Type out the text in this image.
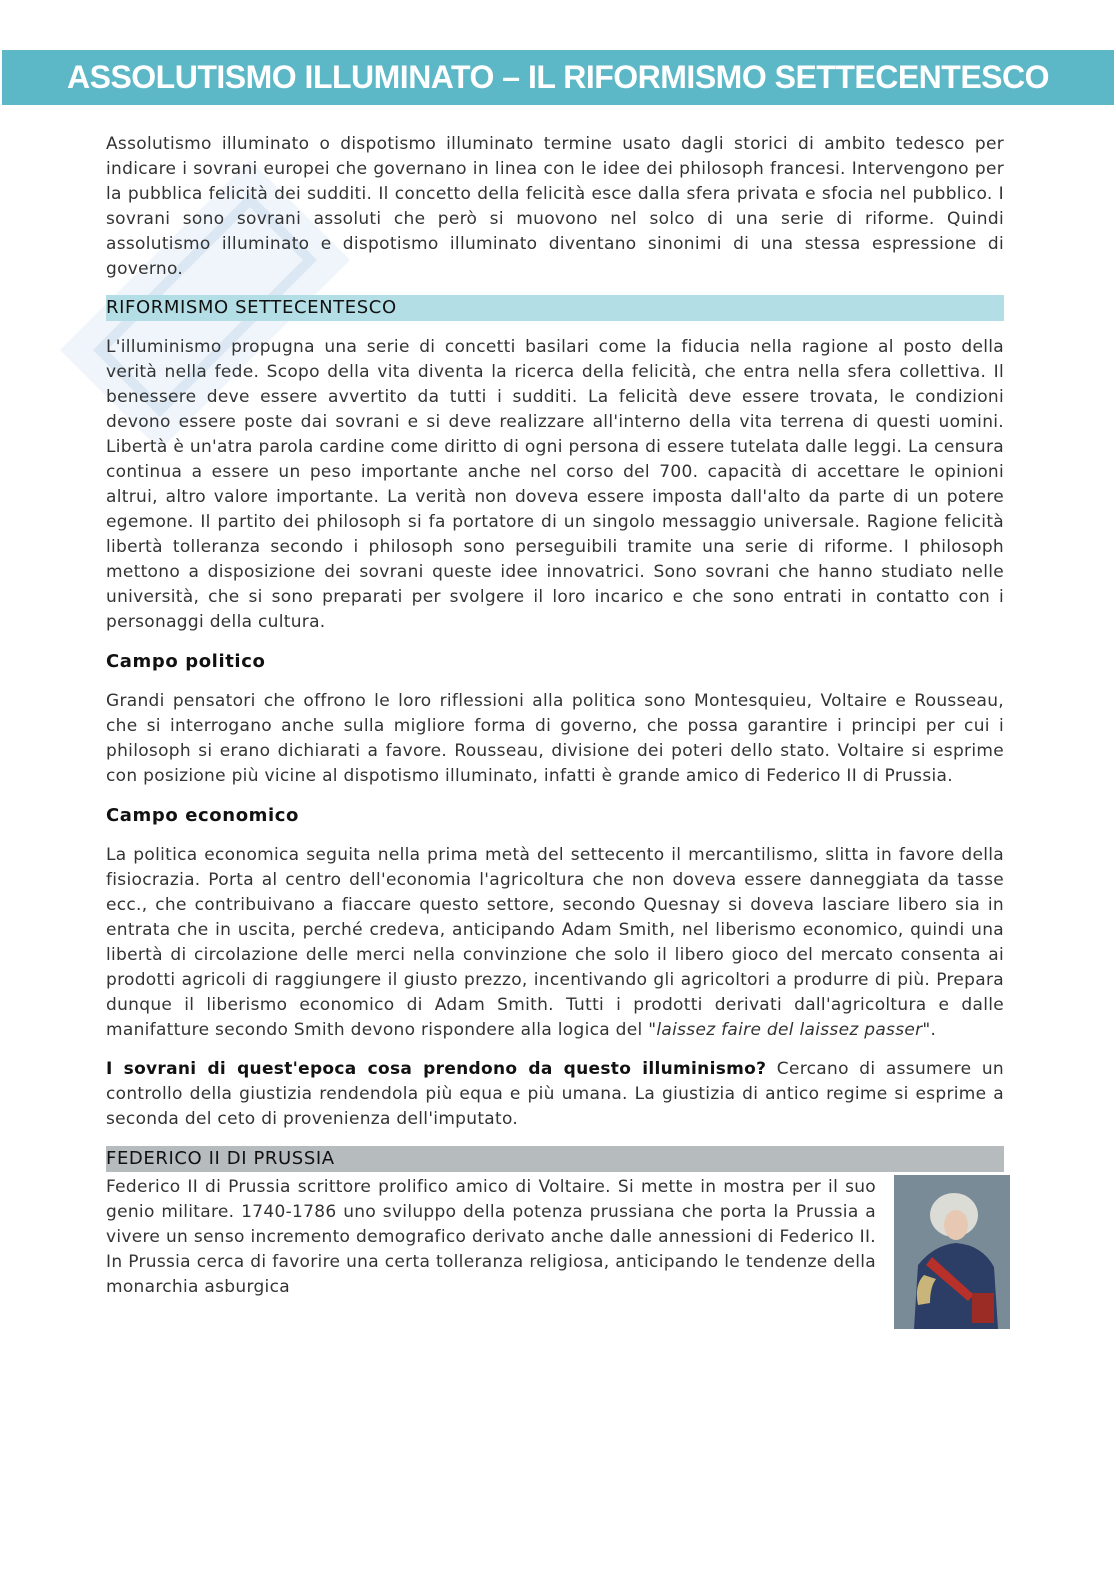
ASSOLUTISMO ILLUMINATO – IL RIFORMISMO SETTECENTESCO

Assolutismo illuminato o dispotismo illuminato termine usato dagli storici di ambito tedesco per indicare i sovrani europei che governano in linea con le idee dei philosoph francesi. Intervengono per la pubblica felicità dei sudditi. Il concetto della felicità esce dalla sfera privata e sfocia nel pubblico. I sovrani sono sovrani assoluti che però si muovono nel solco di una serie di riforme. Quindi assolutismo illuminato e dispotismo illuminato diventano sinonimi di una stessa espressione di governo.

RIFORMISMO SETTECENTESCO

L'illuminismo propugna una serie di concetti basilari come la fiducia nella ragione al posto della verità nella fede. Scopo della vita diventa la ricerca della felicità, che entra nella sfera collettiva. Il benessere deve essere avvertito da tutti i sudditi. La felicità deve essere trovata, le condizioni devono essere poste dai sovrani e si deve realizzare all'interno della vita terrena di questi uomini. Libertà è un'atra parola cardine come diritto di ogni persona di essere tutelata dalle leggi. La censura continua a essere un peso importante anche nel corso del 700. capacità di accettare le opinioni altrui, altro valore importante. La verità non doveva essere imposta dall'alto da parte di un potere egemone. Il partito dei philosoph si fa portatore di un singolo messaggio universale. Ragione felicità libertà tolleranza secondo i philosoph sono perseguibili tramite una serie di riforme. I philosoph mettono a disposizione dei sovrani queste idee innovatrici. Sono sovrani che hanno studiato nelle università, che si sono preparati per svolgere il loro incarico e che sono entrati in contatto con i personaggi della cultura.

Campo politico

Grandi pensatori che offrono le loro riflessioni alla politica sono Montesquieu, Voltaire e Rousseau, che si interrogano anche sulla migliore forma di governo, che possa garantire i principi per cui i philosoph si erano dichiarati a favore. Rousseau, divisione dei poteri dello stato. Voltaire si esprime con posizione più vicine al dispotismo illuminato, infatti è grande amico di Federico II di Prussia.

Campo economico

La politica economica seguita nella prima metà del settecento il mercantilismo, slitta in favore della fisiocrazia. Porta al centro dell'economia l'agricoltura che non doveva essere danneggiata da tasse ecc., che contribuivano a fiaccare questo settore, secondo Quesnay si doveva lasciare libero sia in entrata che in uscita, perché credeva, anticipando Adam Smith, nel liberismo economico, quindi una libertà di circolazione delle merci nella convinzione che solo il libero gioco del mercato consenta ai prodotti agricoli di raggiungere il giusto prezzo, incentivando gli agricoltori a produrre di più. Prepara dunque il liberismo economico di Adam Smith. Tutti i prodotti derivati dall'agricoltura e dalle manifatture secondo Smith devono rispondere alla logica del "laissez faire del laissez passer".

I sovrani di quest'epoca cosa prendono da questo illuminismo? Cercano di assumere un controllo della giustizia rendendola più equa e più umana. La giustizia di antico regime si esprime a seconda del ceto di provenienza dell'imputato.

FEDERICO II DI PRUSSIA

Federico II di Prussia scrittore prolifico amico di Voltaire. Si mette in mostra per il suo genio militare. 1740-1786 uno sviluppo della potenza prussiana che porta la Prussia a vivere un senso incremento demografico derivato anche dalle annessioni di Federico II. In Prussia cerca di favorire una certa tolleranza religiosa, anticipando le tendenze della monarchia asburgica
